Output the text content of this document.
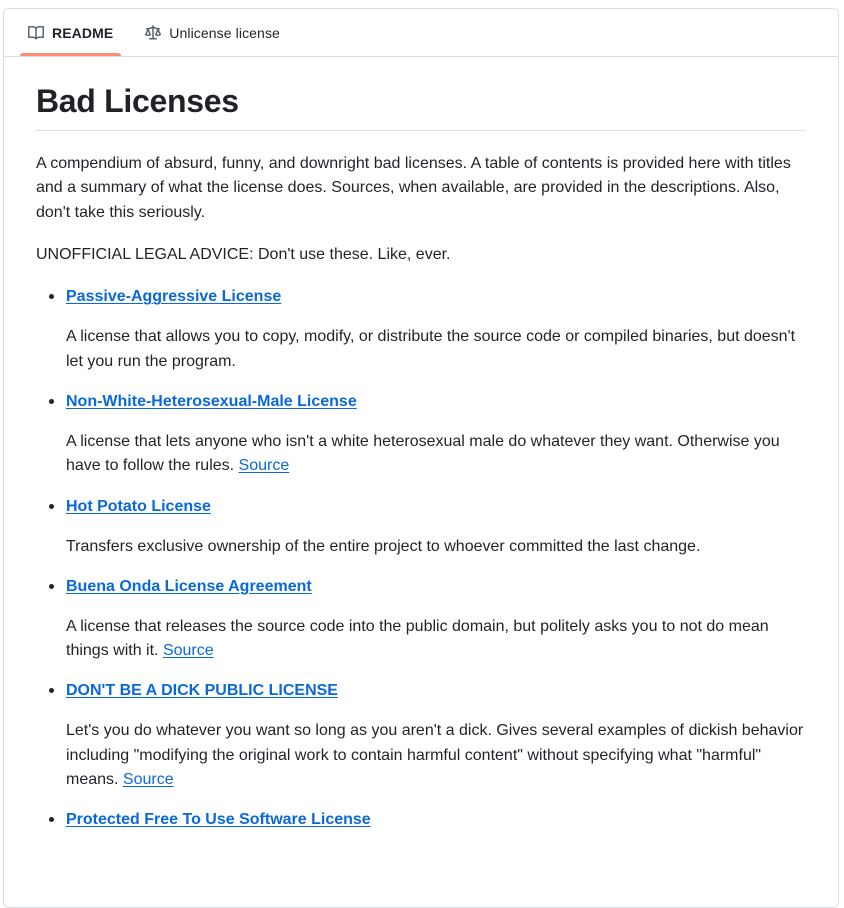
README	Unlicense license
Bad Licenses

A compendium of absurd, funny, and downright bad licenses. A table of contents is provided here with titles and a summary of what the license does. Sources, when available, are provided in the descriptions. Also, don't take this seriously.

UNOFFICIAL LEGAL ADVICE: Don't use these. Like, ever.

Passive-Aggressive License

A license that allows you to copy, modify, or distribute the source code or compiled binaries, but doesn't let you run the program.

Non-White-Heterosexual-Male License

A license that lets anyone who isn't a white heterosexual male do whatever they want. Otherwise you have to follow the rules. Source

Hot Potato License

Transfers exclusive ownership of the entire project to whoever committed the last change.

Buena Onda License Agreement

A license that releases the source code into the public domain, but politely asks you to not do mean things with it. Source

DON'T BE A DICK PUBLIC LICENSE

Let's you do whatever you want so long as you aren't a dick. Gives several examples of dickish behavior including "modifying the original work to contain harmful content" without specifying what "harmful" means. Source

Protected Free To Use Software License
